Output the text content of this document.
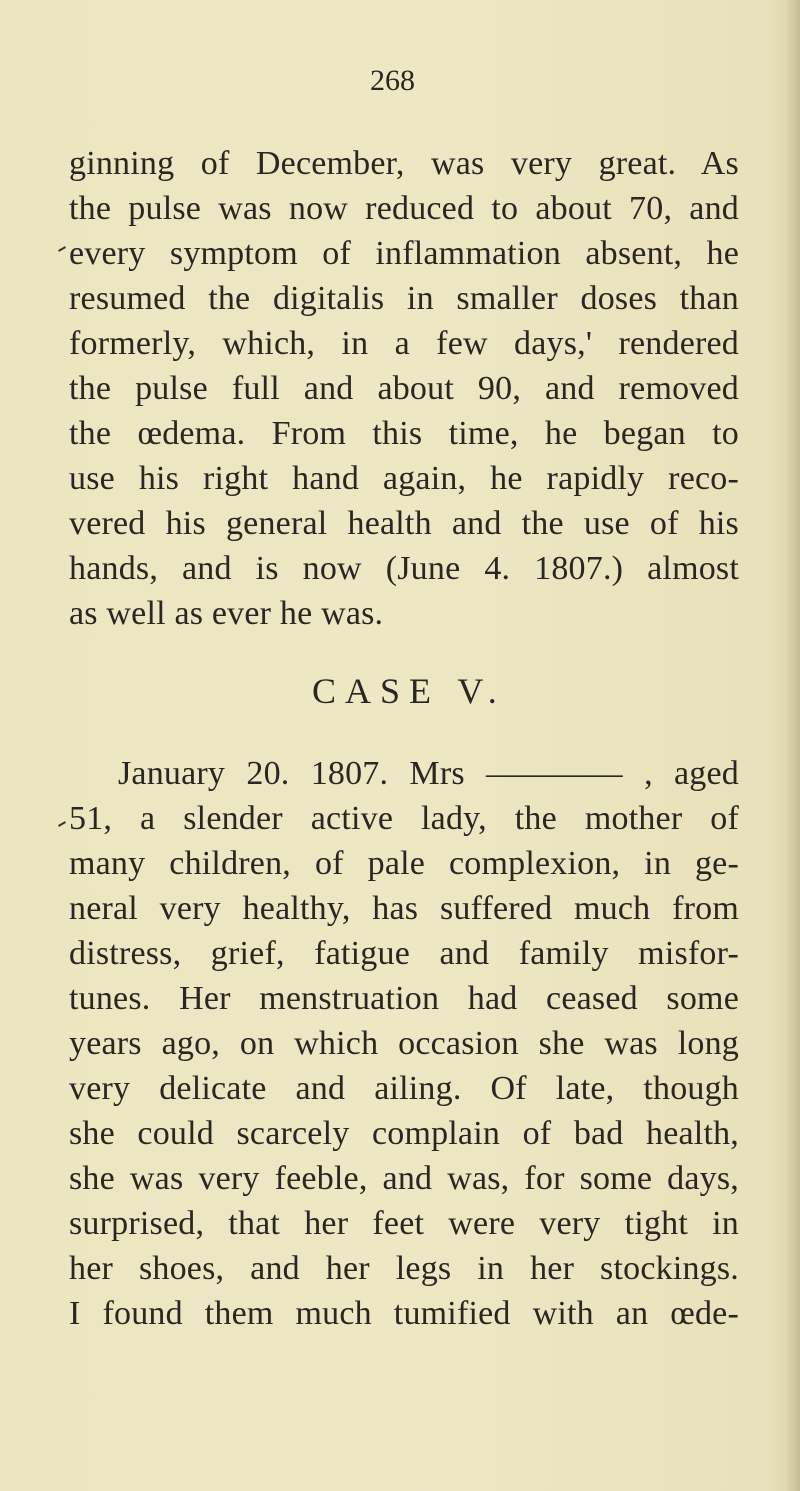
268
ginning of December, was very great. As
the pulse was now reduced to about 70, and
every symptom of inflammation absent, he
resumed the digitalis in smaller doses than
formerly, which, in a few days,' rendered
the pulse full and about 90, and removed
the œdema. From this time, he began to
use his right hand again, he rapidly reco-
vered his general health and the use of his
hands, and is now (June 4. 1807.) almost
as well as ever he was.
CASE V.
January 20. 1807. Mrs ———— , aged
51, a slender active lady, the mother of
many children, of pale complexion, in ge-
neral very healthy, has suffered much from
distress, grief, fatigue and family misfor-
tunes. Her menstruation had ceased some
years ago, on which occasion she was long
very delicate and ailing. Of late, though
she could scarcely complain of bad health,
she was very feeble, and was, for some days,
surprised, that her feet were very tight in
her shoes, and her legs in her stockings.
I found them much tumified with an œde-
